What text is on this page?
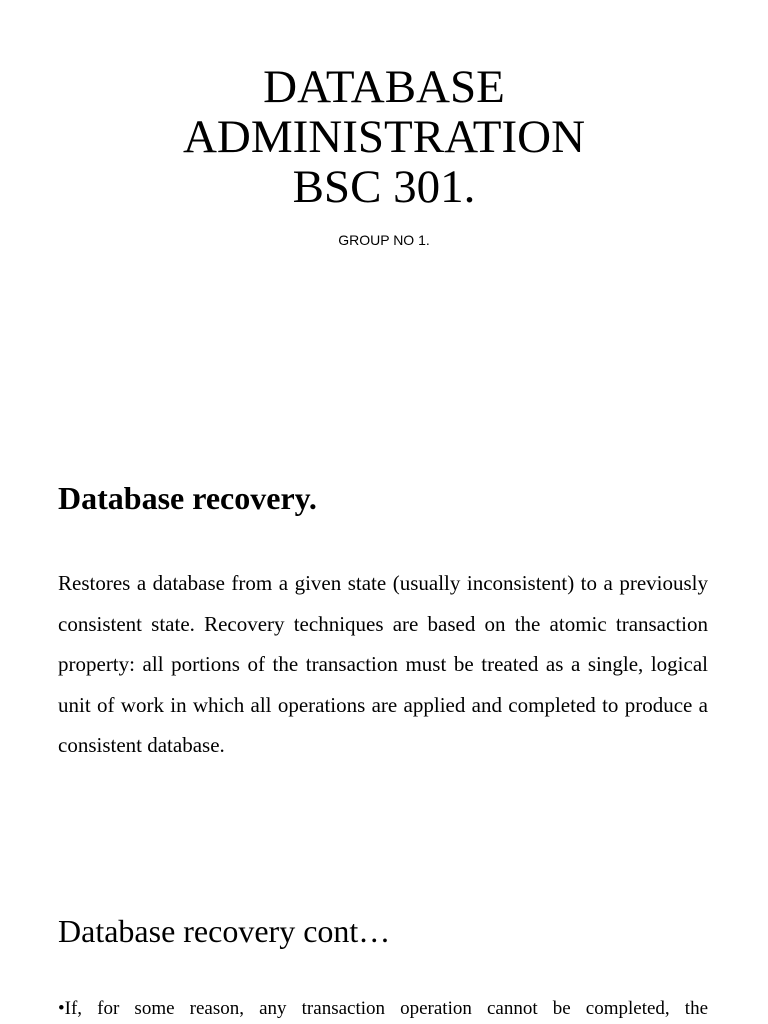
DATABASE
ADMINISTRATION
BSC 301.
GROUP NO 1.
Database recovery.
Restores a database from a given state (usually inconsistent) to a previously consistent state. Recovery techniques are based on the atomic transaction property: all portions of the transaction must be treated as a single, logical unit of work in which all operations are applied and completed to produce a consistent database.
Database recovery cont…
•If, for some reason, any transaction operation cannot be completed, the
